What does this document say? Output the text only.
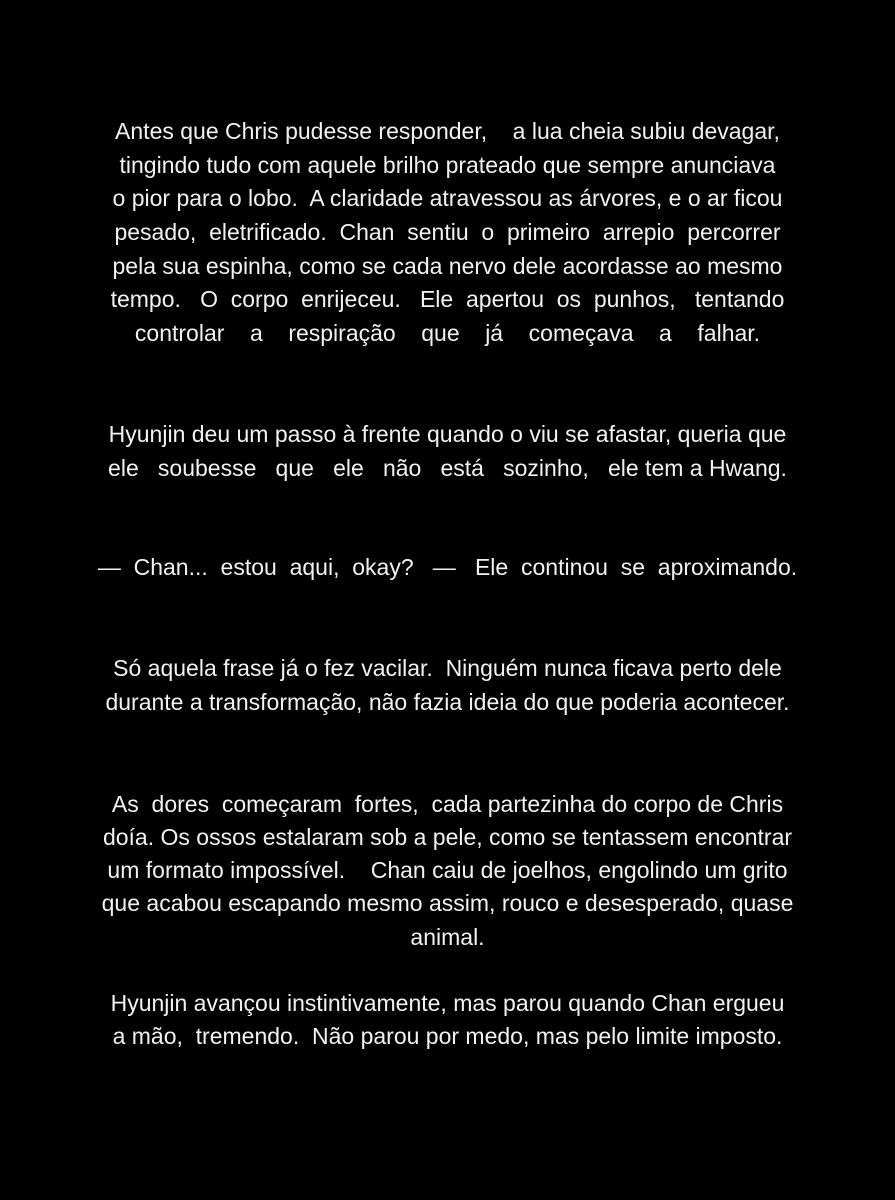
Antes que Chris pudesse responder,    a lua cheia subiu devagar,

tingindo tudo com aquele brilho prateado que sempre anunciava

o pior para o lobo.  A claridade atravessou as árvores, e o ar ficou

pesado,  eletrificado.  Chan  sentiu  o  primeiro  arrepio  percorrer

pela sua espinha, como se cada nervo dele acordasse ao mesmo

tempo.   O  corpo  enrijeceu.   Ele  apertou  os  punhos,   tentando

controlar    a    respiração    que    já    começava    a    falhar.

Hyunjin deu um passo à frente quando o viu se afastar, queria que

ele   soubesse   que   ele   não   está   sozinho,   ele tem a Hwang.

—  Chan...  estou  aqui,  okay?   —   Ele  continou  se  aproximando.

Só aquela frase já o fez vacilar.  Ninguém nunca ficava perto dele

durante a transformação, não fazia ideia do que poderia acontecer.

As  dores  começaram  fortes,  cada partezinha do corpo de Chris

doía. Os ossos estalaram sob a pele, como se tentassem encontrar

um formato impossível.    Chan caiu de joelhos, engolindo um grito

que acabou escapando mesmo assim, rouco e desesperado, quase

animal.

Hyunjin avançou instintivamente, mas parou quando Chan ergueu

a mão,  tremendo.  Não parou por medo, mas pelo limite imposto.
